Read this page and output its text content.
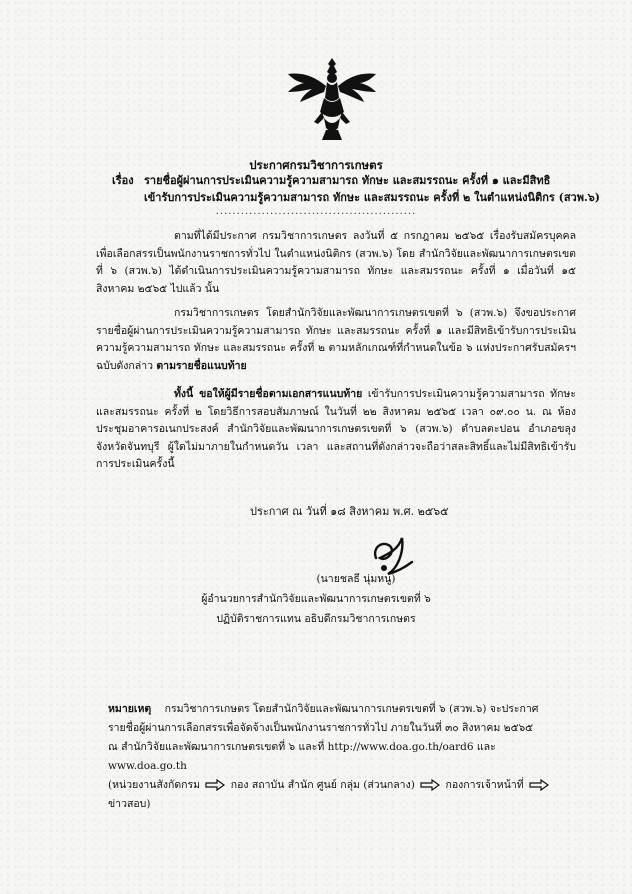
ประกาศกรมวิชาการเกษตร
เรื่อง รายชื่อผู้ผ่านการประเมินความรู้ความสามารถ ทักษะ และสมรรถนะ ครั้งที่ ๑ และมีสิทธิ
เข้ารับการประเมินความรู้ความสามารถ ทักษะ และสมรรถนะ ครั้งที่ ๒ ในตำแหน่งนิติกร (สวพ.๖)
................................................

ตามที่ได้มีประกาศ กรมวิชาการเกษตร ลงวันที่ ๕ กรกฎาคม ๒๕๖๕ เรื่องรับสมัครบุคคลเพื่อเลือกสรรเป็นพนักงานราชการทั่วไป ในตำแหน่งนิติกร (สวพ.๖) โดย สำนักวิจัยและพัฒนาการเกษตรเขตที่ ๖ (สวพ.๖) ได้ดำเนินการประเมินความรู้ความสามารถ ทักษะ และสมรรถนะ ครั้งที่ ๑ เมื่อวันที่ ๑๕ สิงหาคม ๒๕๖๕ ไปแล้ว นั้น

กรมวิชาการเกษตร โดยสำนักวิจัยและพัฒนาการเกษตรเขตที่ ๖ (สวพ.๖) จึงขอประกาศรายชื่อผู้ผ่านการประเมินความรู้ความสามารถ ทักษะ และสมรรถนะ ครั้งที่ ๑ และมีสิทธิเข้ารับการประเมินความรู้ความสามารถ ทักษะ และสมรรถนะ ครั้งที่ ๒ ตามหลักเกณฑ์ที่กำหนดในข้อ ๖ แห่งประกาศรับสมัครฯ ฉบับดังกล่าว ตามรายชื่อแนบท้าย

ทั้งนี้ ขอให้ผู้มีรายชื่อตามเอกสารแนบท้าย เข้ารับการประเมินความรู้ความสามารถ ทักษะ และสมรรถนะ ครั้งที่ ๒ โดยวิธีการสอบสัมภาษณ์ ในวันที่ ๒๒ สิงหาคม ๒๕๖๕ เวลา ๐๙.๐๐ น. ณ ห้องประชุมอาคารอเนกประสงค์ สำนักวิจัยและพัฒนาการเกษตรเขตที่ ๖ (สวพ.๖) ตำบลตะปอน อำเภอขลุง จังหวัดจันทบุรี ผู้ใดไม่มาภายในกำหนดวัน เวลา และสถานที่ดังกล่าวจะถือว่าสละสิทธิ์และไม่มีสิทธิเข้ารับการประเมินครั้งนี้

ประกาศ ณ วันที่ ๑๘ สิงหาคม พ.ศ. ๒๕๖๕
(นายชลธี นุ่มหนู)
ผู้อำนวยการสำนักวิจัยและพัฒนาการเกษตรเขตที่ ๖
ปฏิบัติราชการแทน อธิบดีกรมวิชาการเกษตร

หมายเหตุ กรมวิชาการเกษตร โดยสำนักวิจัยและพัฒนาการเกษตรเขตที่ ๖ (สวพ.๖) จะประกาศ

รายชื่อผู้ผ่านการเลือกสรรเพื่อจัดจ้างเป็นพนักงานราชการทั่วไป ภายในวันที่ ๓๐ สิงหาคม ๒๕๖๕

ณ สำนักวิจัยและพัฒนาการเกษตรเขตที่ ๖ และที่ http://www.doa.go.th/oard6 และ www.doa.go.th

(หน่วยงานสังกัดกรม	กอง สถาบัน สำนัก ศูนย์ กลุ่ม (ส่วนกลาง)	กองการเจ้าหน้าที่  ข่าวสอบ)
